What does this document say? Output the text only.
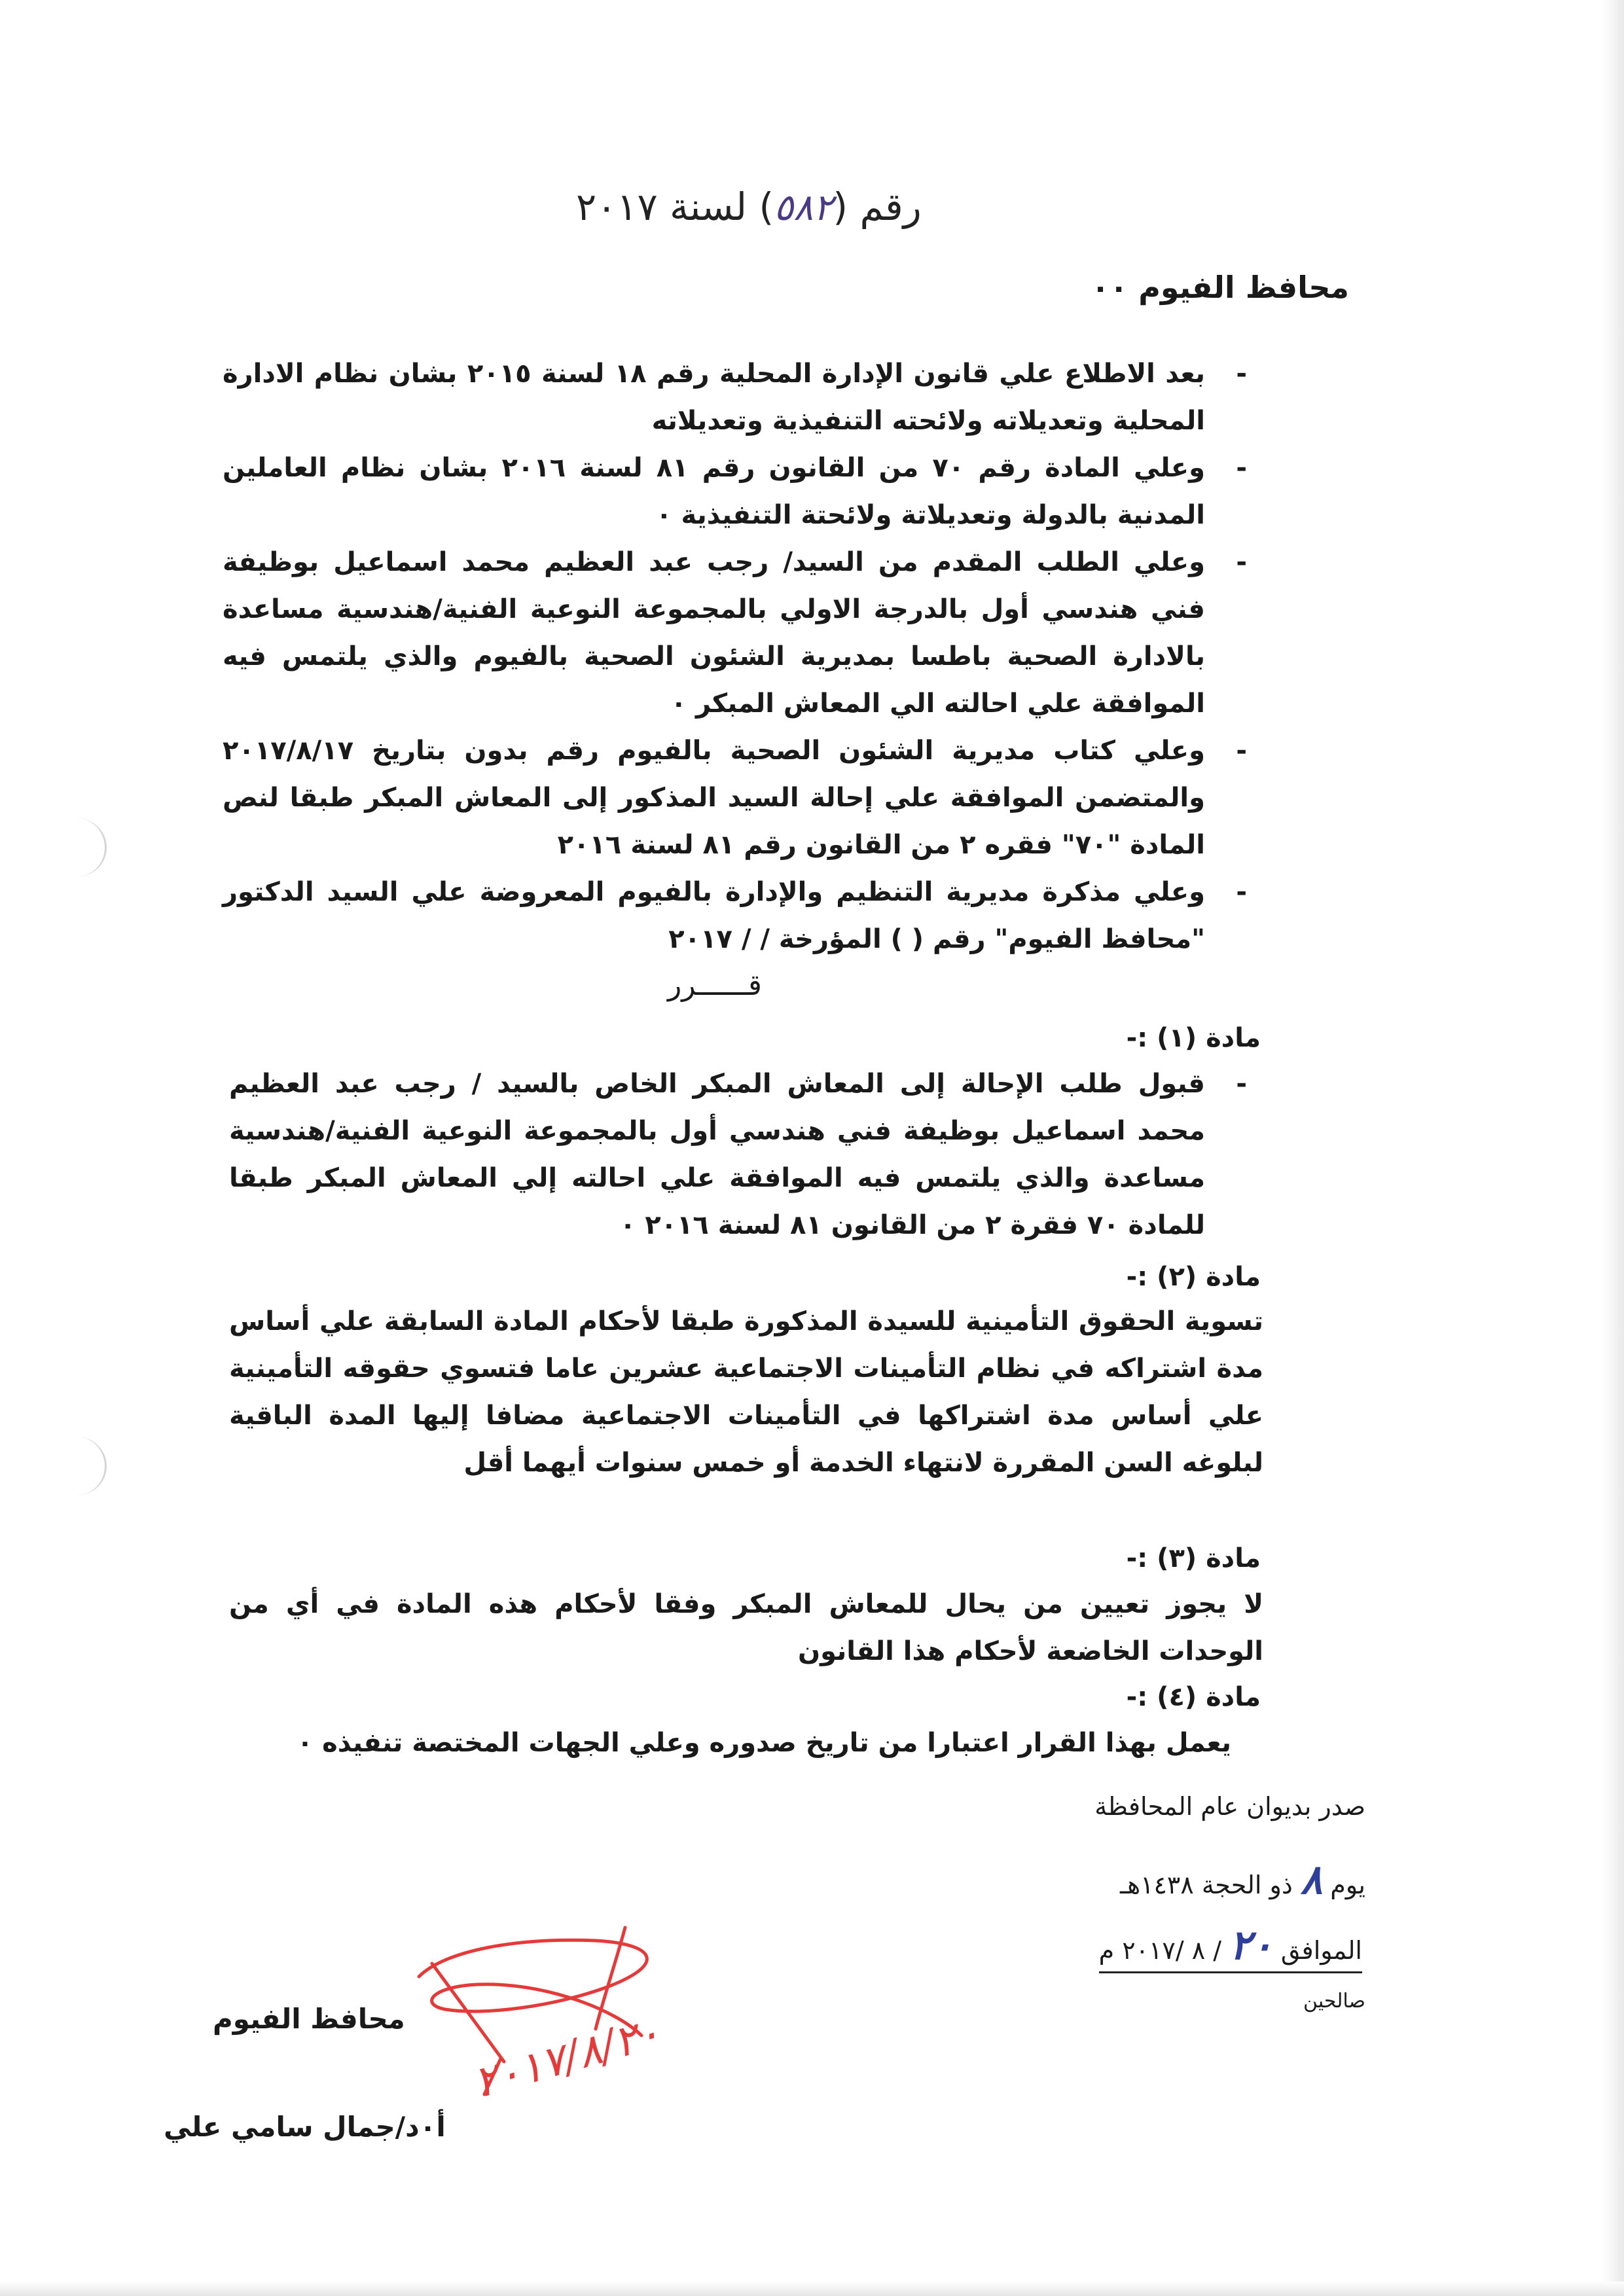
رقم (٥٨٢) لسنة ٢٠١٧
محافظ الفيوم ٠٠
-
بعد الاطلاع علي قانون الإدارة المحلية رقم ١٨ لسنة ٢٠١٥ بشان نظام الادارة المحلية وتعديلاته ولائحته التنفيذية وتعديلاته
-
وعلي المادة رقم ٧٠ من القانون رقم ٨١ لسنة ٢٠١٦ بشان نظام العاملين المدنية بالدولة وتعديلاتة ولائحتة التنفيذية ٠
-
وعلي الطلب المقدم من السيد/ رجب عبد العظيم محمد اسماعيل بوظيفة فني هندسي أول بالدرجة الاولي بالمجموعة النوعية الفنية/هندسية مساعدة بالادارة الصحية باطسا بمديرية الشئون الصحية بالفيوم والذي يلتمس فيه الموافقة علي احالته الي المعاش المبكر ٠
-
وعلي كتاب مديرية الشئون الصحية بالفيوم رقم بدون بتاريخ ٢٠١٧/٨/١٧ والمتضمن الموافقة علي إحالة السيد المذكور إلى المعاش المبكر طبقا لنص المادة "٧٠" فقره ٢ من القانون رقم ٨١ لسنة ٢٠١٦
-
وعلي مذكرة مديرية التنظيم والإدارة بالفيوم المعروضة علي السيد الدكتور "محافظ الفيوم" رقم ( ) المؤرخة / / ٢٠١٧
قــــــرر
مادة (١) :-
-
قبول طلب الإحالة إلى المعاش المبكر الخاص بالسيد / رجب عبد العظيم محمد اسماعيل بوظيفة فني هندسي أول بالمجموعة النوعية الفنية/هندسية مساعدة والذي يلتمس فيه الموافقة علي احالته إلي المعاش المبكر طبقا للمادة ٧٠ فقرة ٢ من القانون ٨١ لسنة ٢٠١٦ ٠
مادة (٢) :-
تسوية الحقوق التأمينية للسيدة المذكورة طبقا لأحكام المادة السابقة علي أساس مدة اشتراكه في نظام التأمينات الاجتماعية عشرين عاما فتسوي حقوقه التأمينية علي أساس مدة اشتراكها في التأمينات الاجتماعية مضافا إليها المدة الباقية لبلوغه السن المقررة لانتهاء الخدمة أو خمس سنوات أيهما أقل
مادة (٣) :-
لا يجوز تعيين من يحال للمعاش المبكر وفقا لأحكام هذه المادة في أي من الوحدات الخاضعة لأحكام هذا القانون
مادة (٤) :-
يعمل بهذا القرار اعتبارا من تاريخ صدوره وعلي الجهات المختصة تنفيذه ٠
صدر بديوان عام المحافظة
يوم ٨ ذو الحجة ١٤٣٨هـ
الموافق ٢٠ / ٨ /٢٠١٧ م
صالحين
محافظ الفيوم
أ٠د/جمال سامي علي
٢٠١٧/٨/٢٠
